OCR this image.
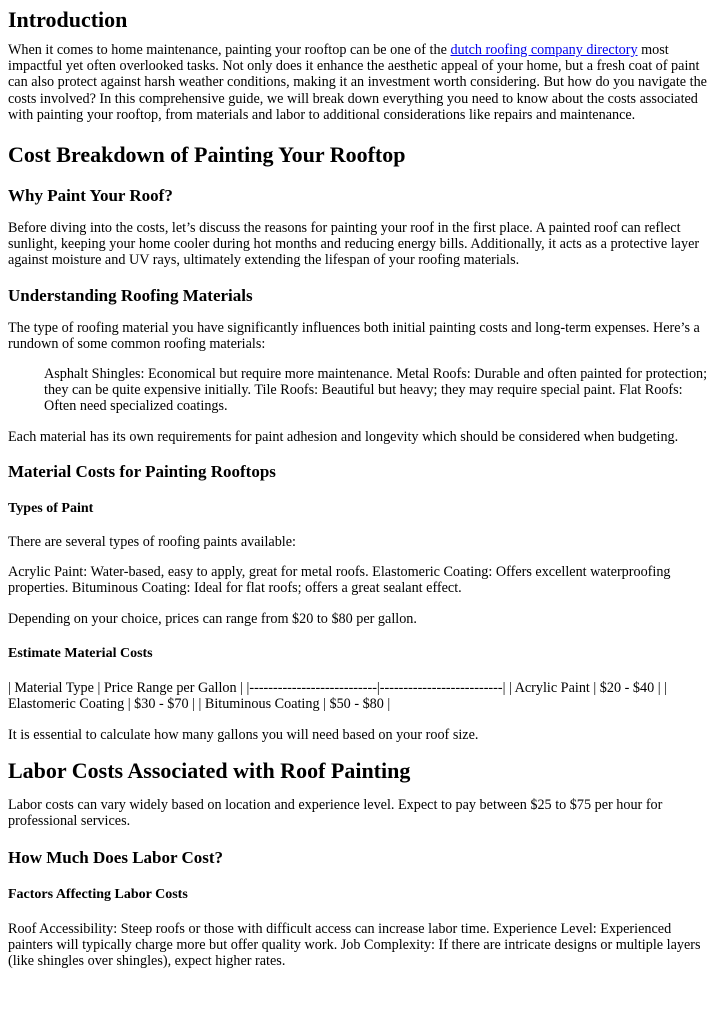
Introduction

When it comes to home maintenance, painting your rooftop can be one of the dutch roofing company directory most impactful yet often overlooked tasks. Not only does it enhance the aesthetic appeal of your home, but a fresh coat of paint can also protect against harsh weather conditions, making it an investment worth considering. But how do you navigate the costs involved? In this comprehensive guide, we will break down everything you need to know about the costs associated with painting your rooftop, from materials and labor to additional considerations like repairs and maintenance.

Cost Breakdown of Painting Your Rooftop
Why Paint Your Roof?

Before diving into the costs, let’s discuss the reasons for painting your roof in the first place. A painted roof can reflect sunlight, keeping your home cooler during hot months and reducing energy bills. Additionally, it acts as a protective layer against moisture and UV rays, ultimately extending the lifespan of your roofing materials.

Understanding Roofing Materials

The type of roofing material you have significantly influences both initial painting costs and long-term expenses. Here’s a rundown of some common roofing materials:

Asphalt Shingles: Economical but require more maintenance. Metal Roofs: Durable and often painted for protection; they can be quite expensive initially. Tile Roofs: Beautiful but heavy; they may require special paint. Flat Roofs: Often need specialized coatings.

Each material has its own requirements for paint adhesion and longevity which should be considered when budgeting.

Material Costs for Painting Rooftops
Types of Paint

There are several types of roofing paints available:

Acrylic Paint: Water-based, easy to apply, great for metal roofs. Elastomeric Coating: Offers excellent waterproofing properties. Bituminous Coating: Ideal for flat roofs; offers a great sealant effect.

Depending on your choice, prices can range from $20 to $80 per gallon.

Estimate Material Costs

| Material Type | Price Range per Gallon | |---------------------------|--------------------------| | Acrylic Paint | $20 - $40 | | Elastomeric Coating | $30 - $70 | | Bituminous Coating | $50 - $80 |

It is essential to calculate how many gallons you will need based on your roof size.

Labor Costs Associated with Roof Painting

Labor costs can vary widely based on location and experience level. Expect to pay between $25 to $75 per hour for professional services.

How Much Does Labor Cost?
Factors Affecting Labor Costs

Roof Accessibility: Steep roofs or those with difficult access can increase labor time. Experience Level: Experienced painters will typically charge more but offer quality work. Job Complexity: If there are intricate designs or multiple layers (like shingles over shingles), expect higher rates.
